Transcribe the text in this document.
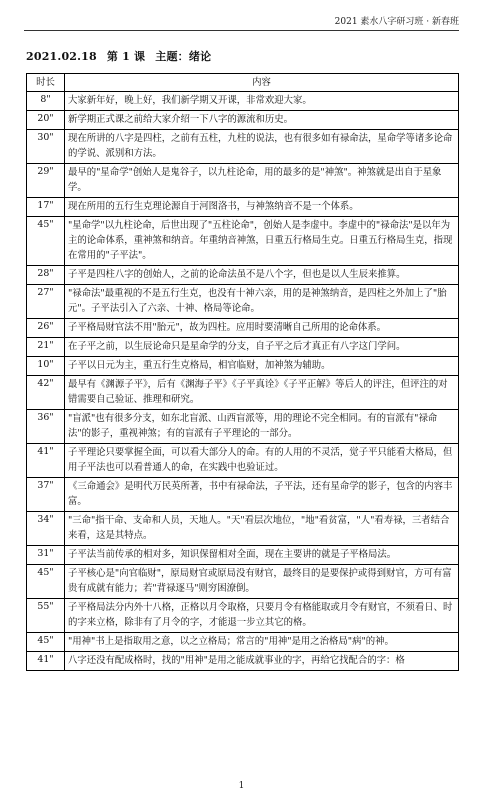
2021 素水八字研习班 · 新春班
2021.02.18 第 1 课 主题：绪论
时长	内容
8"	大家新年好，晚上好，我们新学期又开课，非常欢迎大家。
20"	新学期正式课之前给大家介绍一下八字的源流和历史。
30"	现在所讲的八字是四柱，之前有五柱，九柱的说法，也有很多如有禄命法，星命学等诸多论命的学说、派别和方法。
29"	最早的"星命学"创始人是鬼谷子，以九柱论命，用的最多的是"神煞"。神煞就是出自于星象学。
17"	现在所用的五行生克理论源自于河图洛书，与神煞纳音不是一个体系。
45"	"星命学"以九柱论命，后世出现了"五柱论命"，创始人是李虚中。李虚中的"禄命法"是以年为主的论命体系，重神煞和纳音。年重纳音神煞，日重五行格局生克。日重五行格局生克，指现在常用的"子平法"。
28"	子平是四柱八字的创始人，之前的论命法虽不是八个字，但也是以人生辰来推算。
27"	"禄命法"最重视的不是五行生克，也没有十神六亲，用的是神煞纳音，是四柱之外加上了"胎元"。子平法引入了六亲、十神、格局等论命。
26"	子平格局财官法不用"胎元"，故为四柱。应用时要清晰自己所用的论命体系。
21"	在子平之前，以生辰论命只是星命学的分支，自子平之后才真正有八字这门学问。
10"	子平以日元为主，重五行生克格局，相官临财，加神煞为辅助。
42"	最早有《渊源子平》，后有《渊海子平》《子平真诠》《子平正解》等后人的评注，但评注的对错需要自己验证、推理和研究。
36"	"盲派"也有很多分支，如东北盲派、山西盲派等，用的理论不完全相同。有的盲派有"禄命法"的影子，重视神煞；有的盲派有子平理论的一部分。
41"	子平理论只要掌握全面，可以看大部分人的命。有的人用的不灵活，觉子平只能看大格局，但用子平法也可以看普通人的命，在实践中也验证过。
37"	《三命通会》是明代万民英所著，书中有禄命法，子平法，还有星命学的影子，包含的内容丰富。
34"	"三命"指干命、支命和人员，天地人。"天"看层次地位，"地"看贫富，"人"看寿禄，三者结合来看，这是其特点。
31"	子平法当前传承的相对多，知识保留相对全面，现在主要讲的就是子平格局法。
45"	子平核心是"向官临财"，原局财官或原局没有财官，最终目的是要保护或得到财官，方可有富贵有成就有能力；若"背禄逐马"则穷困潦倒。
55"	子平格局法分内外十八格，正格以月令取格，只要月令有格能取或月令有财官，不须看日、时的字来立格，除非有了月令的字，才能退一步立其它的格。
45"	"用神"书上是指取用之意，以之立格局；常言的"用神"是用之治格局"病"的神。
41"	八字还没有配成格时，找的"用神"是用之能成就事业的字，再给它找配合的字：格
1
